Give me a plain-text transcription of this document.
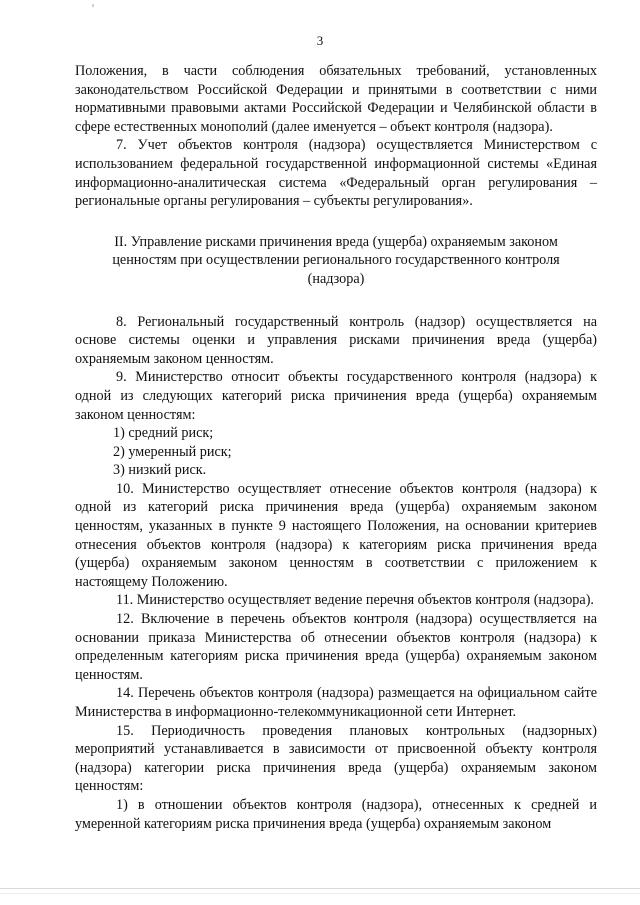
3

Положения, в части соблюдения обязательных требований, установленных законодательством Российской Федерации и принятыми в соответствии с ними нормативными правовыми актами Российской Федерации и Челябинской области в сфере естественных монополий (далее именуется – объект контроля (надзора).

7. Учет объектов контроля (надзора) осуществляется Министерством с использованием федеральной государственной информационной системы «Единая информационно-аналитическая система «Федеральный орган регулирования – региональные органы регулирования – субъекты регулирования».

II. Управление рисками причинения вреда (ущерба) охраняемым законом
ценностям при осуществлении регионального государственного контроля
(надзора)

8. Региональный государственный контроль (надзор) осуществляется на основе системы оценки и управления рисками причинения вреда (ущерба) охраняемым законом ценностям.

9. Министерство относит объекты государственного контроля (надзора) к одной из следующих категорий риска причинения вреда (ущерба) охраняемым законом ценностям:

1) средний риск;

2) умеренный риск;

3) низкий риск.

10. Министерство осуществляет отнесение объектов контроля (надзора) к одной из категорий риска причинения вреда (ущерба) охраняемым законом ценностям, указанных в пункте 9 настоящего Положения, на основании критериев отнесения объектов контроля (надзора) к категориям риска причинения вреда (ущерба) охраняемым законом ценностям в соответствии с приложением к настоящему Положению.

11. Министерство осуществляет ведение перечня объектов контроля (надзора).

12. Включение в перечень объектов контроля (надзора) осуществляется на основании приказа Министерства об отнесении объектов контроля (надзора) к определенным категориям риска причинения вреда (ущерба) охраняемым законом ценностям.

14. Перечень объектов контроля (надзора) размещается на официальном сайте Министерства в информационно-телекоммуникационной сети Интернет.

15. Периодичность проведения плановых контрольных (надзорных) мероприятий устанавливается в зависимости от присвоенной объекту контроля (надзора) категории риска причинения вреда (ущерба) охраняемым законом ценностям:

1) в отношении объектов контроля (надзора), отнесенных к средней и умеренной категориям риска причинения вреда (ущерба) охраняемым законом
